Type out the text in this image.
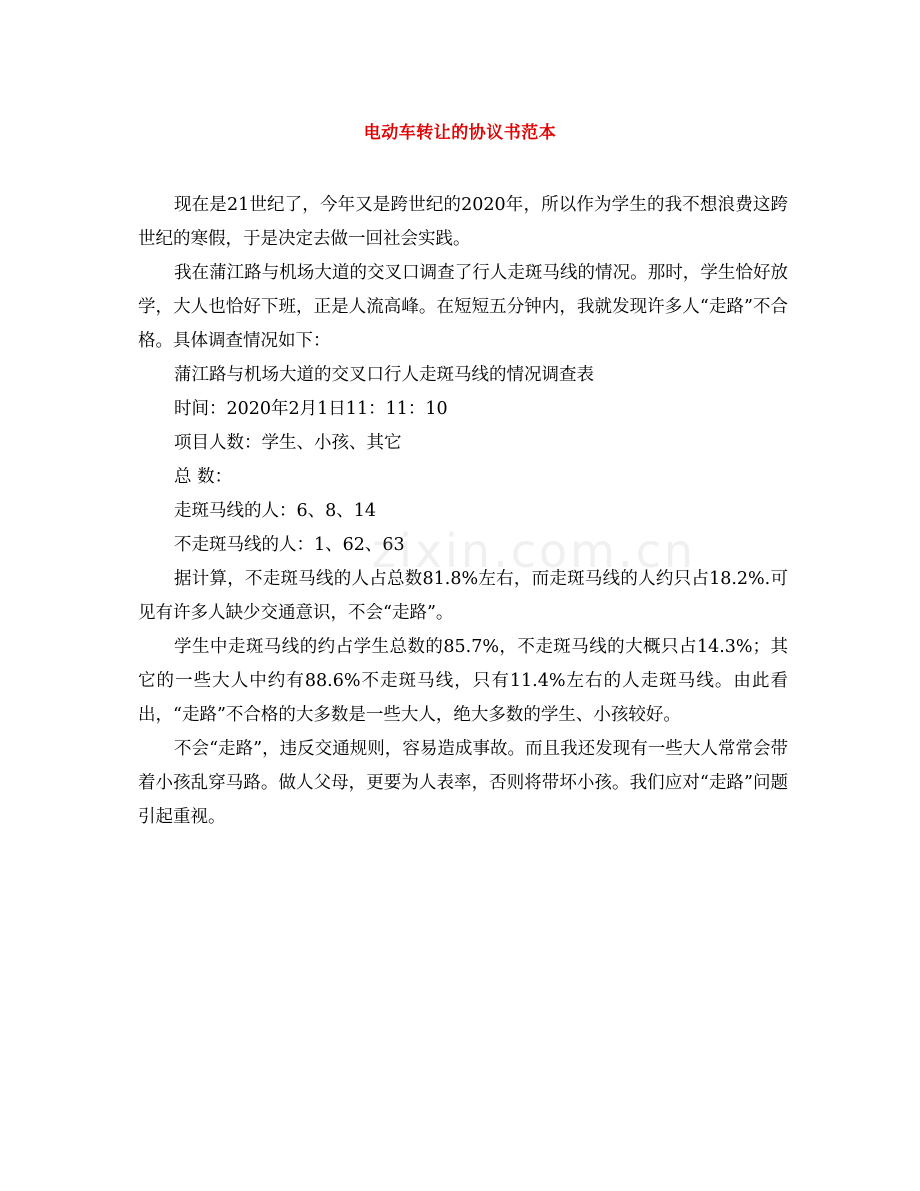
电动车转让的协议书范本

现在是21世纪了，今年又是跨世纪的2020年，所以作为学生的我不想浪费这跨世纪的寒假，于是决定去做一回社会实践。

我在蒲江路与机场大道的交叉口调查了行人走斑马线的情况。那时，学生恰好放学，大人也恰好下班，正是人流高峰。在短短五分钟内，我就发现许多人“走路”不合格。具体调查情况如下：

蒲江路与机场大道的交叉口行人走斑马线的情况调查表

时间：2020年2月1日11：11：10

项目人数：学生、小孩、其它

总 数：

走斑马线的人：6、8、14

不走斑马线的人：1、62、63

据计算，不走斑马线的人占总数81.8%左右，而走斑马线的人约只占18.2%.可见有许多人缺少交通意识，不会“走路”。

学生中走斑马线的约占学生总数的85.7%，不走斑马线的大概只占14.3%；其它的一些大人中约有88.6%不走斑马线，只有11.4%左右的人走斑马线。由此看出，“走路”不合格的大多数是一些大人，绝大多数的学生、小孩较好。

不会“走路”，违反交通规则，容易造成事故。而且我还发现有一些大人常常会带着小孩乱穿马路。做人父母，更要为人表率，否则将带坏小孩。我们应对“走路”问题引起重视。

zixin.com.cn
